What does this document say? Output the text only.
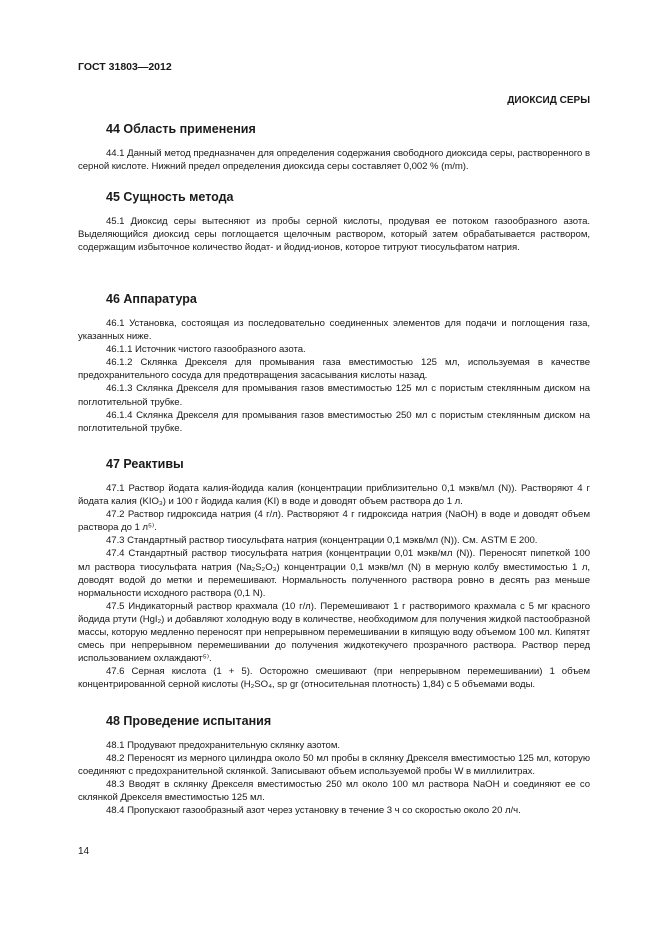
ГОСТ 31803—2012
ДИОКСИД СЕРЫ
44 Область применения

44.1 Данный метод предназначен для определения содержания свободного диоксида серы, растворенного в серной кислоте. Нижний предел определения диоксида серы составляет 0,002 % (m/m).

45 Сущность метода

45.1 Диоксид серы вытесняют из пробы серной кислоты, продувая ее потоком газообразного азота. Выделяющийся диоксид серы поглощается щелочным раствором, который затем обрабатывается раствором, содержащим избыточное количество йодат- и йодид-ионов, которое титруют тиосульфатом натрия.

46 Аппаратура

46.1 Установка, состоящая из последовательно соединенных элементов для подачи и поглощения газа, указанных ниже.

46.1.1 Источник чистого газообразного азота.

46.1.2 Склянка Дрекселя для промывания газа вместимостью 125 мл, используемая в качестве предохранительного сосуда для предотвращения засасывания кислоты назад.

46.1.3 Склянка Дрекселя для промывания газов вместимостью 125 мл с пористым стеклянным диском на поглотительной трубке.

46.1.4 Склянка Дрекселя для промывания газов вместимостью 250 мл с пористым стеклянным диском на поглотительной трубке.

47 Реактивы

47.1 Раствор йодата калия-йодида калия (концентрации приблизительно 0,1 мэкв/мл (N)). Растворяют 4 г йодата калия (KIO₃) и 100 г йодида калия (KI) в воде и доводят объем раствора до 1 л.

47.2 Раствор гидроксида натрия (4 г/л). Растворяют 4 г гидроксида натрия (NaOH) в воде и доводят объем раствора до 1 л⁵⁾.

47.3 Стандартный раствор тиосульфата натрия (концентрации 0,1 мэкв/мл (N)). См. ASTM E 200.

47.4 Стандартный раствор тиосульфата натрия (концентрации 0,01 мэкв/мл (N)). Переносят пипеткой 100 мл раствора тиосульфата натрия (Na₂S₂O₃) концентрации 0,1 мэкв/мл (N) в мерную колбу вместимостью 1 л, доводят водой до метки и перемешивают. Нормальность полученного раствора ровно в десять раз меньше нормальности исходного раствора (0,1 N).

47.5 Индикаторный раствор крахмала (10 г/л). Перемешивают 1 г растворимого крахмала с 5 мг красного йодида ртути (HgI₂) и добавляют холодную воду в количестве, необходимом для получения жидкой пастообразной массы, которую медленно переносят при непрерывном перемешивании в кипящую воду объемом 100 мл. Кипятят смесь при непрерывном перемешивании до получения жидкотекучего прозрачного раствора. Раствор перед использованием охлаждают⁵⁾.

47.6 Серная кислота (1 + 5). Осторожно смешивают (при непрерывном перемешивании) 1 объем концентрированной серной кислоты (H₂SO₄, sp gr (относительная плотность) 1,84) с 5 объемами воды.

48 Проведение испытания

48.1 Продувают предохранительную склянку азотом.

48.2 Переносят из мерного цилиндра около 50 мл пробы в склянку Дрекселя вместимостью 125 мл, которую соединяют с предохранительной склянкой. Записывают объем используемой пробы W в миллилитрах.

48.3 Вводят в склянку Дрекселя вместимостью 250 мл около 100 мл раствора NaOH и соединяют ее со склянкой Дрекселя вместимостью 125 мл.

48.4 Пропускают газообразный азот через установку в течение 3 ч со скоростью около 20 л/ч.

14
